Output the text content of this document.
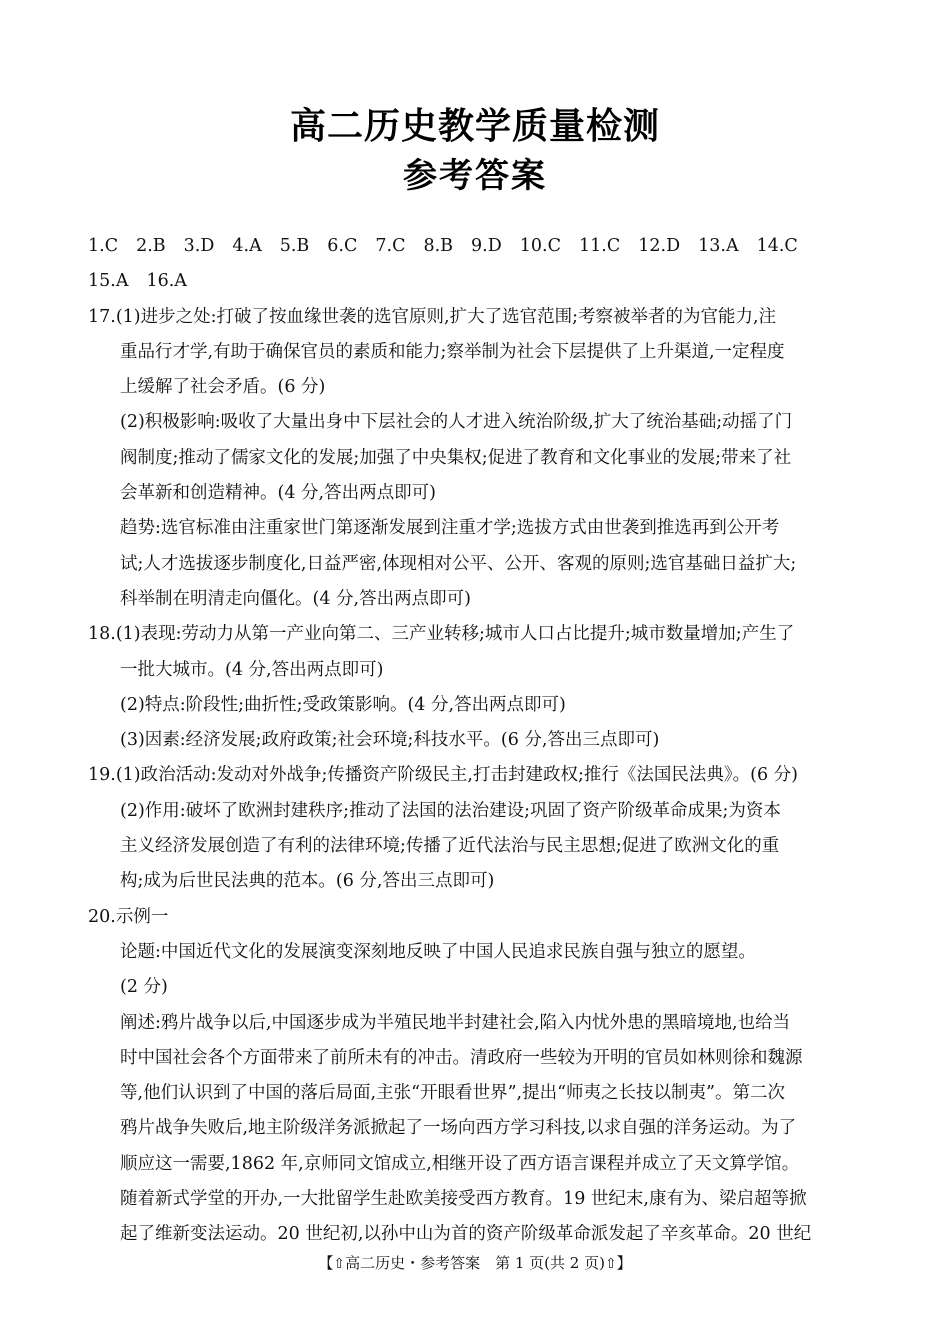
高二历史教学质量检测
参考答案
1.C 2.B 3.D 4.A 5.B 6.C 7.C 8.B 9.D 10.C 11.C 12.D 13.A 14.C
15.A 16.A
17.(1)进步之处:打破了按血缘世袭的选官原则,扩大了选官范围;考察被举者的为官能力,注
重品行才学,有助于确保官员的素质和能力;察举制为社会下层提供了上升渠道,一定程度
上缓解了社会矛盾。(6 分)
(2)积极影响:吸收了大量出身中下层社会的人才进入统治阶级,扩大了统治基础;动摇了门
阀制度;推动了儒家文化的发展;加强了中央集权;促进了教育和文化事业的发展;带来了社
会革新和创造精神。(4 分,答出两点即可)
趋势:选官标准由注重家世门第逐渐发展到注重才学;选拔方式由世袭到推选再到公开考
试;人才选拔逐步制度化,日益严密,体现相对公平、公开、客观的原则;选官基础日益扩大;
科举制在明清走向僵化。(4 分,答出两点即可)
18.(1)表现:劳动力从第一产业向第二、三产业转移;城市人口占比提升;城市数量增加;产生了
一批大城市。(4 分,答出两点即可)
(2)特点:阶段性;曲折性;受政策影响。(4 分,答出两点即可)
(3)因素:经济发展;政府政策;社会环境;科技水平。(6 分,答出三点即可)
19.(1)政治活动:发动对外战争;传播资产阶级民主,打击封建政权;推行《法国民法典》。(6 分)
(2)作用:破坏了欧洲封建秩序;推动了法国的法治建设;巩固了资产阶级革命成果;为资本
主义经济发展创造了有利的法律环境;传播了近代法治与民主思想;促进了欧洲文化的重
构;成为后世民法典的范本。(6 分,答出三点即可)
20.示例一
论题:中国近代文化的发展演变深刻地反映了中国人民追求民族自强与独立的愿望。
(2 分)
阐述:鸦片战争以后,中国逐步成为半殖民地半封建社会,陷入内忧外患的黑暗境地,也给当
时中国社会各个方面带来了前所未有的冲击。清政府一些较为开明的官员如林则徐和魏源
等,他们认识到了中国的落后局面,主张“开眼看世界”,提出“师夷之长技以制夷”。第二次
鸦片战争失败后,地主阶级洋务派掀起了一场向西方学习科技,以求自强的洋务运动。为了
顺应这一需要,1862 年,京师同文馆成立,相继开设了西方语言课程并成立了天文算学馆。
随着新式学堂的开办,一大批留学生赴欧美接受西方教育。19 世纪末,康有为、梁启超等掀
起了维新变法运动。20 世纪初,以孙中山为首的资产阶级革命派发起了辛亥革命。20 世纪
【⇧高二历史・参考答案　第 1 页(共 2 页)⇧】
